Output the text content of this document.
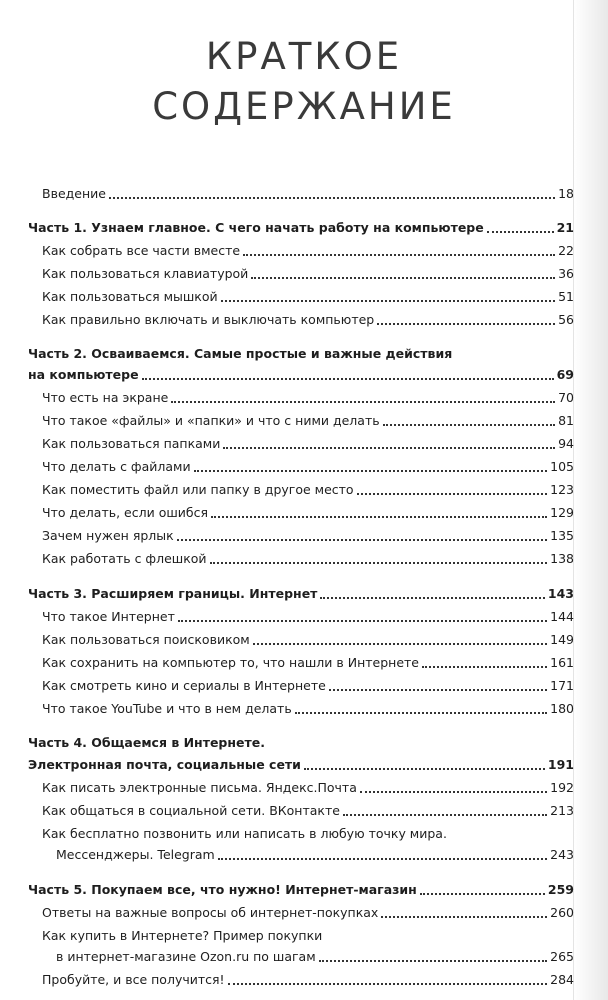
КРАТКОЕ
СОДЕРЖАНИЕ
Введение	18
Часть 1. Узнаем главное. С чего начать работу на компьютере	21
Как собрать все части вместе	22
Как пользоваться клавиатурой	36
Как пользоваться мышкой	51
Как правильно включать и выключать компьютер	56
Часть 2. Осваиваемся. Самые простые и важные действия
на компьютере	69
Что есть на экране	70
Что такое «файлы» и «папки» и что с ними делать	81
Как пользоваться папками	94
Что делать с файлами	105
Как поместить файл или папку в другое место	123
Что делать, если ошибся	129
Зачем нужен ярлык	135
Как работать с флешкой	138
Часть 3. Расширяем границы. Интернет	143
Что такое Интернет	144
Как пользоваться поисковиком	149
Как сохранить на компьютер то, что нашли в Интернете	161
Как смотреть кино и сериалы в Интернете	171
Что такое YouTube и что в нем делать	180
Часть 4. Общаемся в Интернете.
Электронная почта, социальные сети	191
Как писать электронные письма. Яндекс.Почта	192
Как общаться в социальной сети. ВКонтакте	213
Как бесплатно позвонить или написать в любую точку мира.
Мессенджеры. Telegram	243
Часть 5. Покупаем все, что нужно! Интернет-магазин	259
Ответы на важные вопросы об интернет-покупках	260
Как купить в Интернете? Пример покупки
в интернет-магазине Ozon.ru по шагам	265
Пробуйте, и все получится!	284
